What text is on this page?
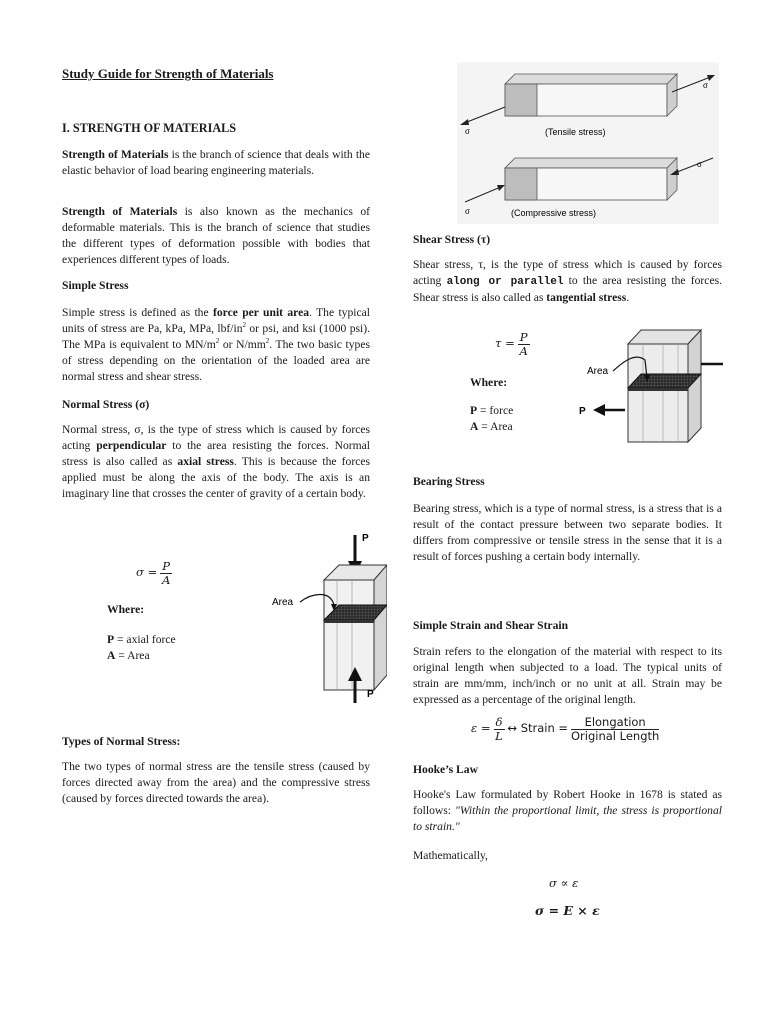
Study Guide for Strength of Materials
I. STRENGTH OF MATERIALS

Strength of Materials is the branch of science that deals with the elastic behavior of load bearing engineering materials.

Strength of Materials is also known as the mechanics of deformable materials. This is the branch of science that studies the different types of deformation possible with bodies that experiences different types of loads.

Simple Stress

Simple stress is defined as the force per unit area. The typical units of stress are Pa, kPa, MPa, lbf/$in^2$ or psi, and ksi (1000 psi). The MPa is equivalent to $MN/m^2$ or $N/mm^2$. The two basic types of stress depending on the orientation of the loaded area are normal stress and shear stress.

Normal Stress (σ)

Normal stress, σ, is the type of stress which is caused by forces acting perpendicular to the area resisting the forces. Normal stress is also called as axial stress. This is because the forces applied must be along the axis of the body. The axis is an imaginary line that crosses the center of gravity of a certain body.

$\sigma = \frac{P}{A}$
Where:
P = axial force
A = Area
P
Area
P
Types of Normal Stress:

The two types of normal stress are the tensile stress (caused by forces directed away from the area) and the compressive stress (caused by forces directed towards the area).

σ
σ
(Tensile stress)
σ
σ
(Compressive stress)
Shear Stress (τ)

Shear stress, τ, is the type of stress which is caused by forces acting along or parallel to the area resisting the forces. Shear stress is also called as tangential stress.

$\tau = \frac{P}{A}$
Where:
P = force
A = Area
Area
P
Bearing Stress

Bearing stress, which is a type of normal stress, is a stress that is a result of the contact pressure between two separate bodies. It differs from compressive or tensile stress in the sense that it is a result of forces pushing a certain body internally.

Simple Strain and Shear Strain

Strain refers to the elongation of the material with respect to its original length when subjected to a load. The typical units of strain are mm/mm, inch/inch or no unit at all. Strain may be expressed as a percentage of the original length.

$\varepsilon = \frac{\delta}{L}$ ↔ Strain = $\frac{\text{Elongation}}{\text{Original Length}}$
Hooke’s Law

Hooke's Law formulated by Robert Hooke in 1678 is stated as follows: "Within the proportional limit, the stress is proportional to strain."

Mathematically,
σ ∝ ε
σ = E × ε
